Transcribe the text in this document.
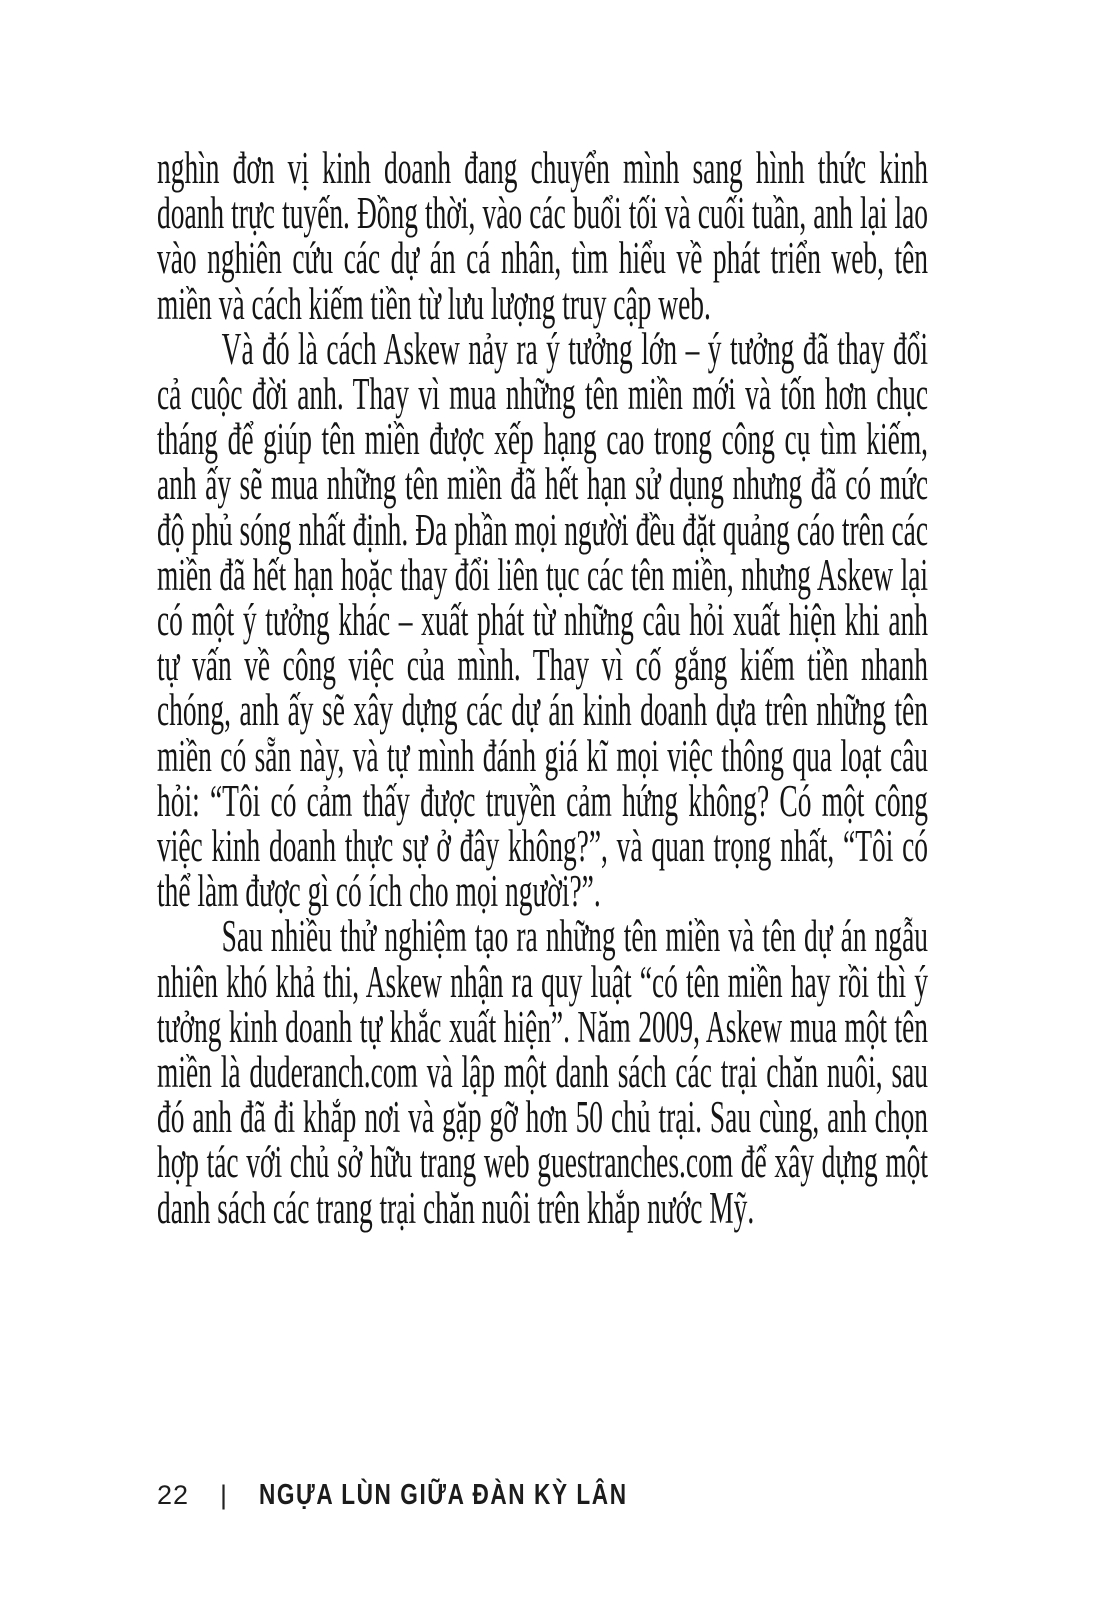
nghìn đơn vị kinh doanh đang chuyển mình sang hình thức kinh doanh trực tuyến. Đồng thời, vào các buổi tối và cuối tuần, anh lại lao vào nghiên cứu các dự án cá nhân, tìm hiểu về phát triển web, tên miền và cách kiếm tiền từ lưu lượng truy cập web.

Và đó là cách Askew nảy ra ý tưởng lớn – ý tưởng đã thay đổi cả cuộc đời anh. Thay vì mua những tên miền mới và tốn hơn chục tháng để giúp tên miền được xếp hạng cao trong công cụ tìm kiếm, anh ấy sẽ mua những tên miền đã hết hạn sử dụng nhưng đã có mức độ phủ sóng nhất định. Đa phần mọi người đều đặt quảng cáo trên các miền đã hết hạn hoặc thay đổi liên tục các tên miền, nhưng Askew lại có một ý tưởng khác – xuất phát từ những câu hỏi xuất hiện khi anh tự vấn về công việc của mình. Thay vì cố gắng kiếm tiền nhanh chóng, anh ấy sẽ xây dựng các dự án kinh doanh dựa trên những tên miền có sẵn này, và tự mình đánh giá kĩ mọi việc thông qua loạt câu hỏi: “Tôi có cảm thấy được truyền cảm hứng không? Có một công việc kinh doanh thực sự ở đây không?”, và quan trọng nhất, “Tôi có thể làm được gì có ích cho mọi người?”.

Sau nhiều thử nghiệm tạo ra những tên miền và tên dự án ngẫu nhiên khó khả thi, Askew nhận ra quy luật “có tên miền hay rồi thì ý tưởng kinh doanh tự khắc xuất hiện”. Năm 2009, Askew mua một tên miền là duderanch.com và lập một danh sách các trại chăn nuôi, sau đó anh đã đi khắp nơi và gặp gỡ hơn 50 chủ trại. Sau cùng, anh chọn hợp tác với chủ sở hữu trang web guestranches.com để xây dựng một danh sách các trang trại chăn nuôi trên khắp nước Mỹ.

22 | NGỰA LÙN GIỮA ĐÀN KỲ LÂN
